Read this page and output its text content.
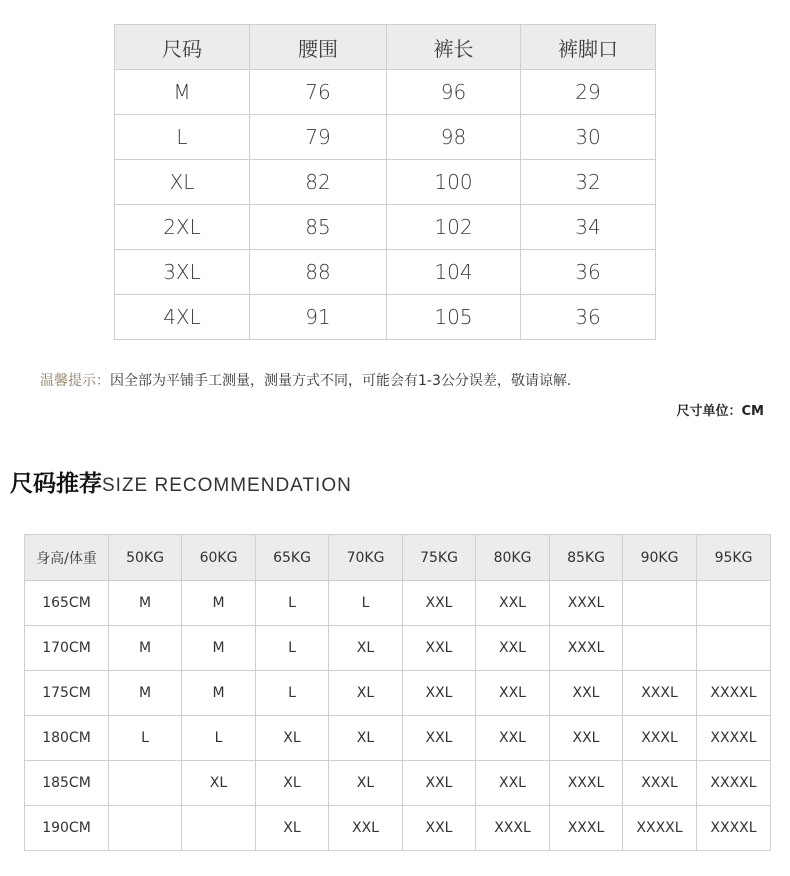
尺码	腰围	裤长	裤脚口
M	76	96	29
L	79	98	30
XL	82	100	32
2XL	85	102	34
3XL	88	104	36
4XL	91	105	36
温馨提示：因全部为平铺手工测量，测量方式不同，可能会有1-3公分误差，敬请谅解.
尺寸单位：CM
尺码推荐SIZE RECOMMENDATION
身高/体重	50KG	60KG	65KG	70KG	75KG	80KG	85KG	90KG	95KG
165CM	M	M	L	L	XXL	XXL	XXXL		
170CM	M	M	L	XL	XXL	XXL	XXXL		
175CM	M	M	L	XL	XXL	XXL	XXL	XXXL	XXXXL
180CM	L	L	XL	XL	XXL	XXL	XXL	XXXL	XXXXL
185CM		XL	XL	XL	XXL	XXL	XXXL	XXXL	XXXXL
190CM			XL	XXL	XXL	XXXL	XXXL	XXXXL	XXXXL
